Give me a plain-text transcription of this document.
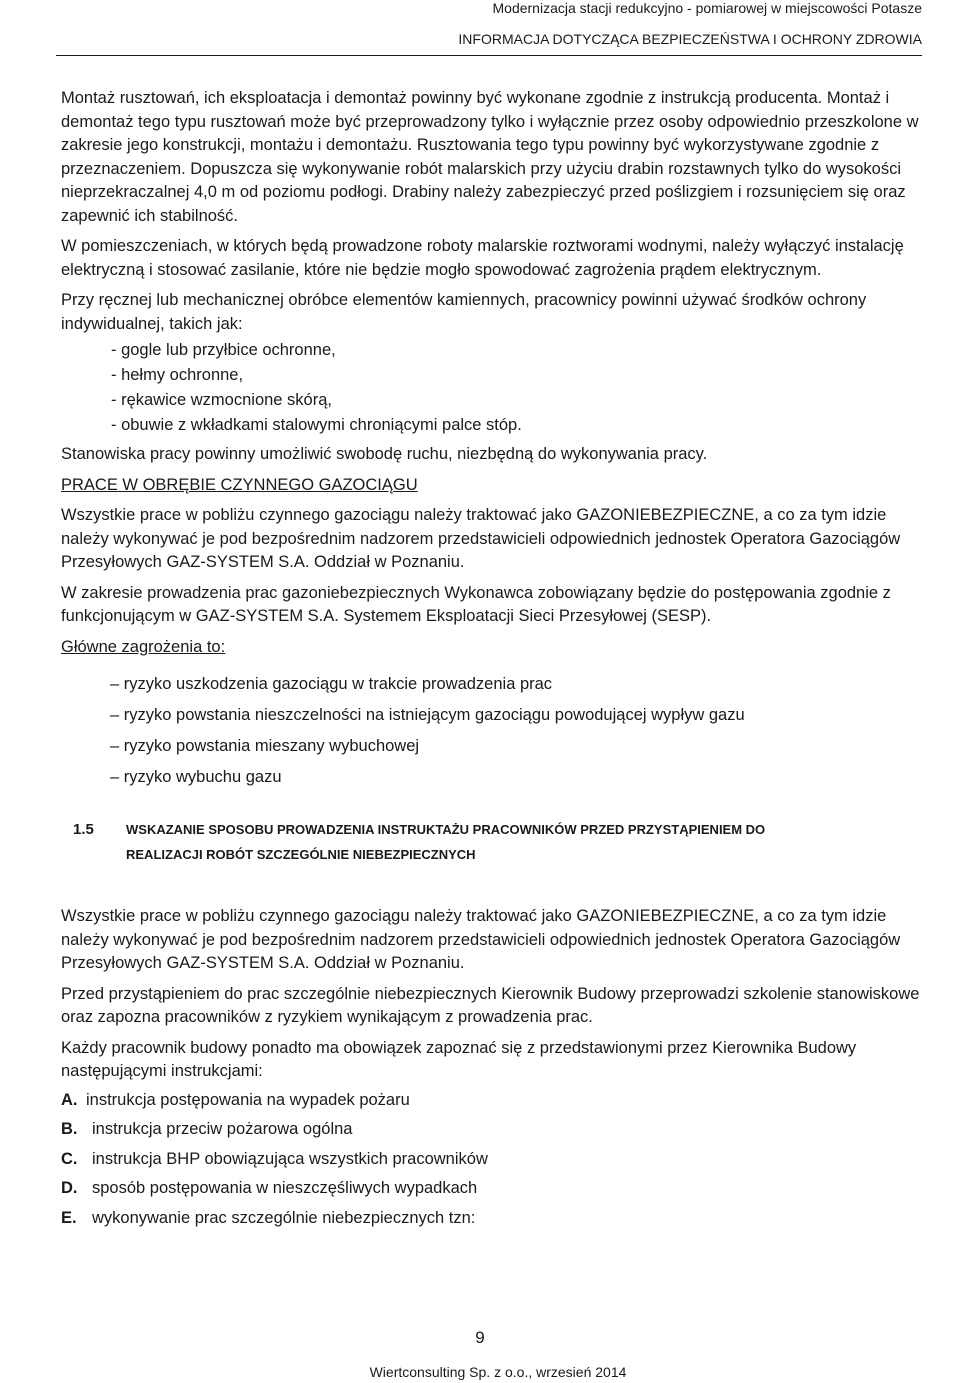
Modernizacja stacji redukcyjno - pomiarowej w miejscowości Potasze
INFORMACJA DOTYCZĄCA BEZPIECZEŃSTWA I OCHRONY ZDROWIA

Montaż rusztowań, ich eksploatacja i demontaż powinny być wykonane zgodnie z instrukcją producenta. Montaż i demontaż tego typu rusztowań może być przeprowadzony tylko i wyłącznie przez osoby odpowiednio przeszkolone w zakresie jego konstrukcji, montażu i demontażu. Rusztowania tego typu powinny być wykorzystywane zgodnie z przeznaczeniem. Dopuszcza się wykonywanie robót malarskich przy użyciu drabin rozstawnych tylko do wysokości nieprzekraczalnej 4,0 m od poziomu podłogi. Drabiny należy zabezpieczyć przed poślizgiem i rozsunięciem się oraz zapewnić ich stabilność.

W pomieszczeniach, w których będą prowadzone roboty malarskie roztworami wodnymi, należy wyłączyć instalację elektryczną i stosować zasilanie, które nie będzie mogło spowodować zagrożenia prądem elektrycznym.

Przy ręcznej lub mechanicznej obróbce elementów kamiennych, pracownicy powinni używać środków ochrony indywidualnej, takich jak:

- gogle lub przyłbice ochronne,
- hełmy ochronne,
- rękawice wzmocnione skórą,
- obuwie z wkładkami stalowymi chroniącymi palce stóp.

Stanowiska pracy powinny umożliwić swobodę ruchu, niezbędną do wykonywania pracy.

PRACE W OBRĘBIE CZYNNEGO GAZOCIĄGU

Wszystkie prace w pobliżu czynnego gazociągu należy traktować jako GAZONIEBEZPIECZNE, a co za tym idzie należy wykonywać je pod bezpośrednim nadzorem przedstawicieli odpowiednich jednostek Operatora Gazociągów Przesyłowych GAZ-SYSTEM S.A. Oddział w Poznaniu.

W zakresie prowadzenia prac gazoniebezpiecznych Wykonawca zobowiązany będzie do postępowania zgodnie z funkcjonującym w GAZ-SYSTEM S.A. Systemem Eksploatacji Sieci Przesyłowej (SESP).

Główne zagrożenia to:

– ryzyko uszkodzenia gazociągu w trakcie prowadzenia prac
– ryzyko powstania nieszczelności na istniejącym gazociągu powodującej wypływ gazu
– ryzyko powstania mieszany wybuchowej
– ryzyko wybuchu gazu
1.5 WSKAZANIE SPOSOBU PROWADZENIA INSTRUKTAŻU PRACOWNIKÓW PRZED PRZYSTĄPIENIEM DO
REALIZACJI ROBÓT SZCZEGÓLNIE NIEBEZPIECZNYCH

Wszystkie prace w pobliżu czynnego gazociągu należy traktować jako GAZONIEBEZPIECZNE, a co za tym idzie należy wykonywać je pod bezpośrednim nadzorem przedstawicieli odpowiednich jednostek Operatora Gazociągów Przesyłowych GAZ-SYSTEM S.A. Oddział w Poznaniu.

Przed przystąpieniem do prac szczególnie niebezpiecznych Kierownik Budowy przeprowadzi szkolenie stanowiskowe oraz zapozna pracowników z ryzykiem wynikającym z prowadzenia prac.

Każdy pracownik budowy ponadto ma obowiązek zapoznać się z przedstawionymi przez Kierownika Budowy następującymi instrukcjami:

A. instrukcja postępowania na wypadek pożaru
B. instrukcja przeciw pożarowa ogólna
C. instrukcja BHP obowiązująca wszystkich pracowników
D. sposób postępowania w nieszczęśliwych wypadkach
E. wykonywanie prac szczególnie niebezpiecznych tzn:
9
Wiertconsulting Sp. z o.o., wrzesień 2014
